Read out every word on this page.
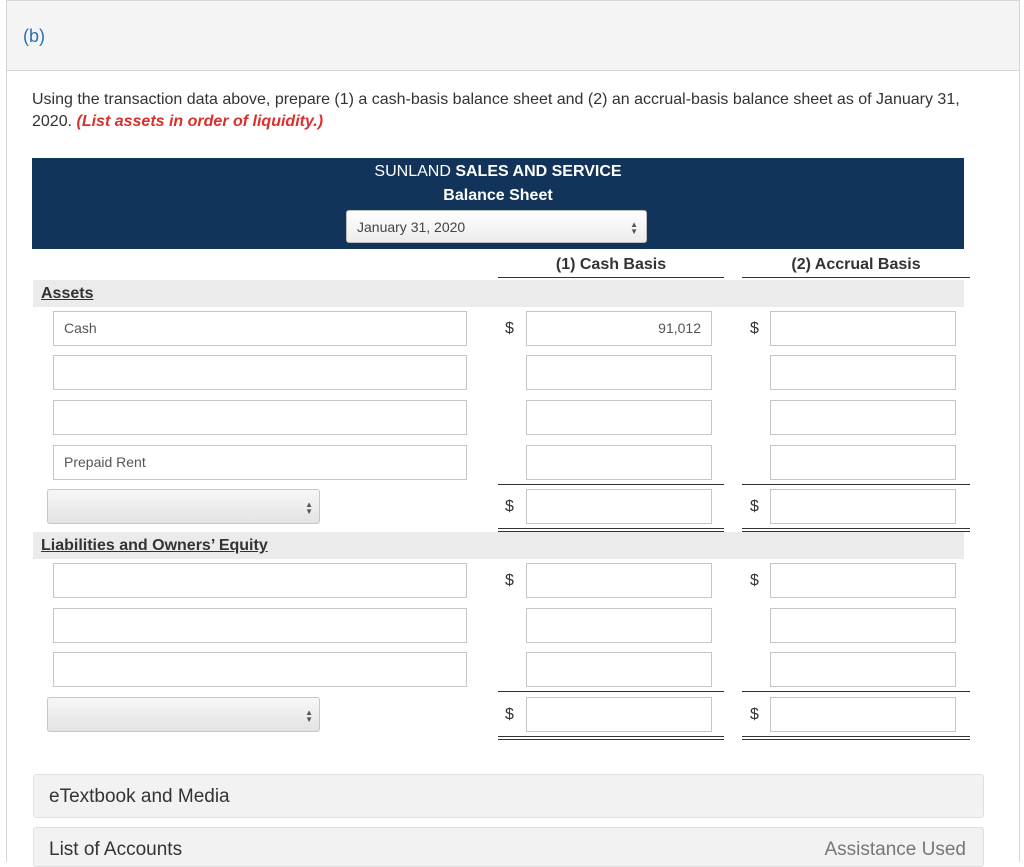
(b)
Using the transaction data above, prepare (1) a cash-basis balance sheet and (2) an accrual-basis balance sheet as of January 31, 2020. (List assets in order of liquidity.)
SUNLAND SALES AND SERVICE
Balance Sheet
January 31, 2020	▲
▼
(1) Cash Basis	(2) Accrual Basis
Assets
Cash	$	91,012	$
Prepaid Rent
▲
▼	$	$
Liabilities and Owners’ Equity
$	$
▲
▼	$	$
eTextbook and Media
List of Accounts	Assistance Used
